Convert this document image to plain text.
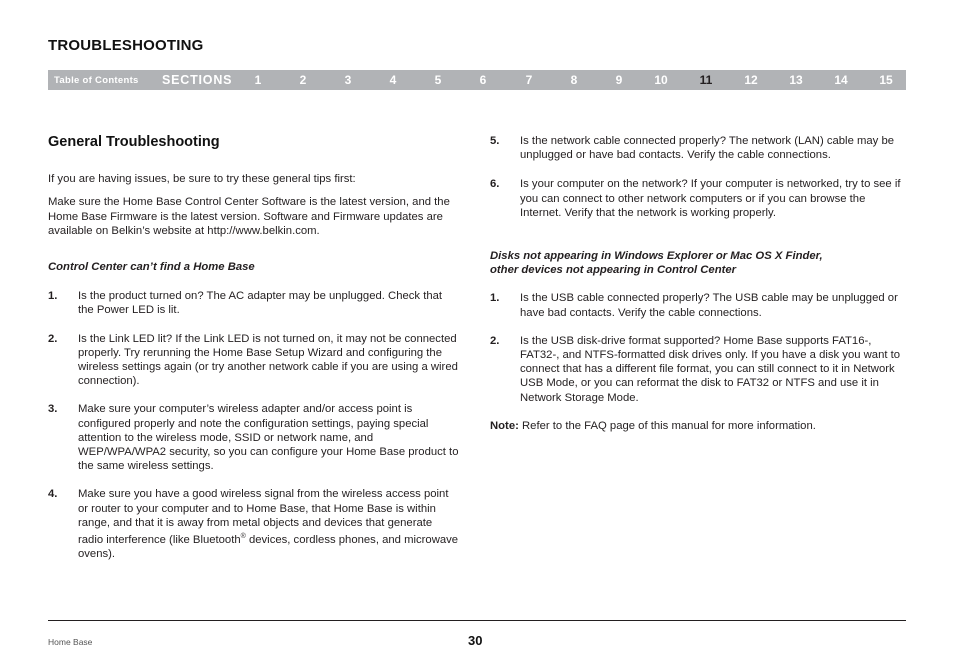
TROUBLESHOOTING
Table of Contents SECTIONS	1	2	3	4	5	6	7	8	9	10	11	12	13	14	15
General Troubleshooting
If you are having issues, be sure to try these general tips first:
Make sure the Home Base Control Center Software is the latest version, and the Home Base Firmware is the latest version. Software and Firmware updates are available on Belkin’s website at http://www.belkin.com.
Control Center can’t find a Home Base
1. Is the product turned on? The AC adapter may be unplugged. Check that the Power LED is lit.
2. Is the Link LED lit? If the Link LED is not turned on, it may not be connected properly. Try rerunning the Home Base Setup Wizard and configuring the wireless settings again (or try another network cable if you are using a wired connection).
3. Make sure your computer’s wireless adapter and/or access point is configured properly and note the configuration settings, paying special attention to the wireless mode, SSID or network name, and WEP/WPA/WPA2 security, so you can configure your Home Base product to the same wireless settings.
4. Make sure you have a good wireless signal from the wireless access point or router to your computer and to Home Base, that Home Base is within range, and that it is away from metal objects and devices that generate radio interference (like Bluetooth® devices, cordless phones, and microwave ovens).
5. Is the network cable connected properly? The network (LAN) cable may be unplugged or have bad contacts. Verify the cable connections.
6. Is your computer on the network? If your computer is networked, try to see if you can connect to other network computers or if you can browse the Internet. Verify that the network is working properly.
Disks not appearing in Windows Explorer or Mac OS X Finder,
other devices not appearing in Control Center
1. Is the USB cable connected properly? The USB cable may be unplugged or have bad contacts. Verify the cable connections.
2. Is the USB disk-drive format supported? Home Base supports FAT16-, FAT32-, and NTFS-formatted disk drives only. If you have a disk you want to connect that has a different file format, you can still connect to it in Network USB Mode, or you can reformat the disk to FAT32 or NTFS and use it in Network Storage Mode.
Note: Refer to the FAQ page of this manual for more information.
Home Base	30
